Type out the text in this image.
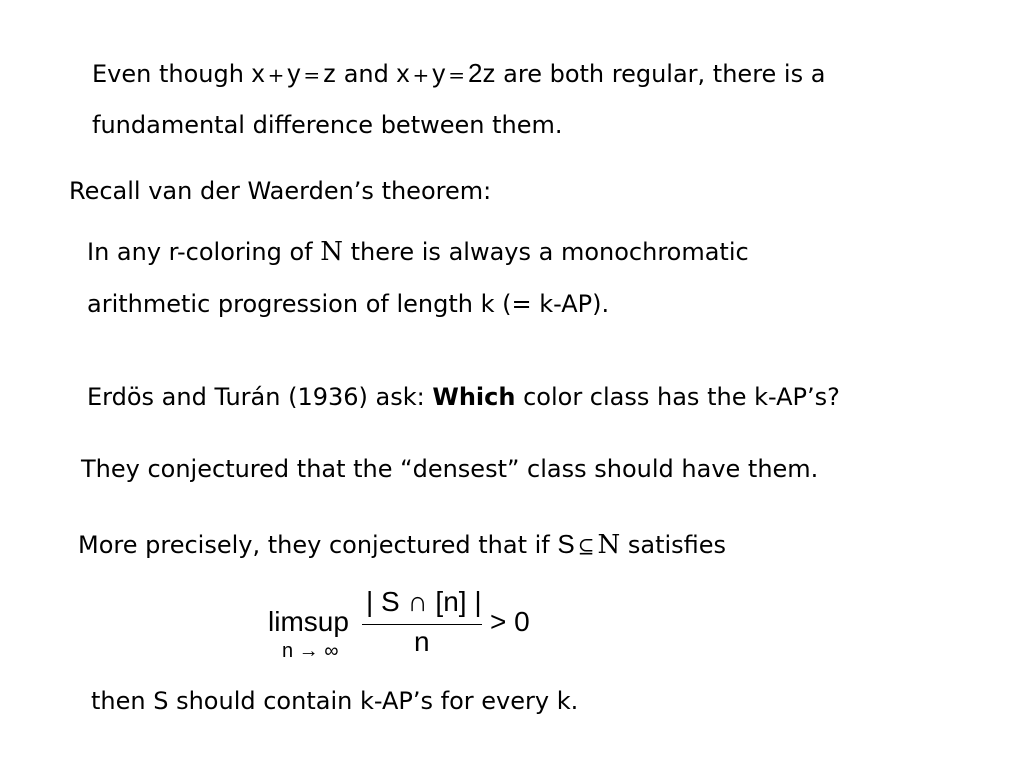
Even though x + y = z and x + y = 2z are both regular, there is a
fundamental difference between them.
Recall van der Waerden’s theorem:
In any r-coloring of N there is always a monochromatic
arithmetic progression of length k (= k-AP).
Erdös and Turán (1936) ask: Which color class has the k-AP’s?
They conjectured that the “densest” class should have them.
More precisely, they conjectured that if S ⊆ N satisfies
limsup
n → ∞
| S ∩ [n] |
n
> 0
then S should contain k-AP’s for every k.
